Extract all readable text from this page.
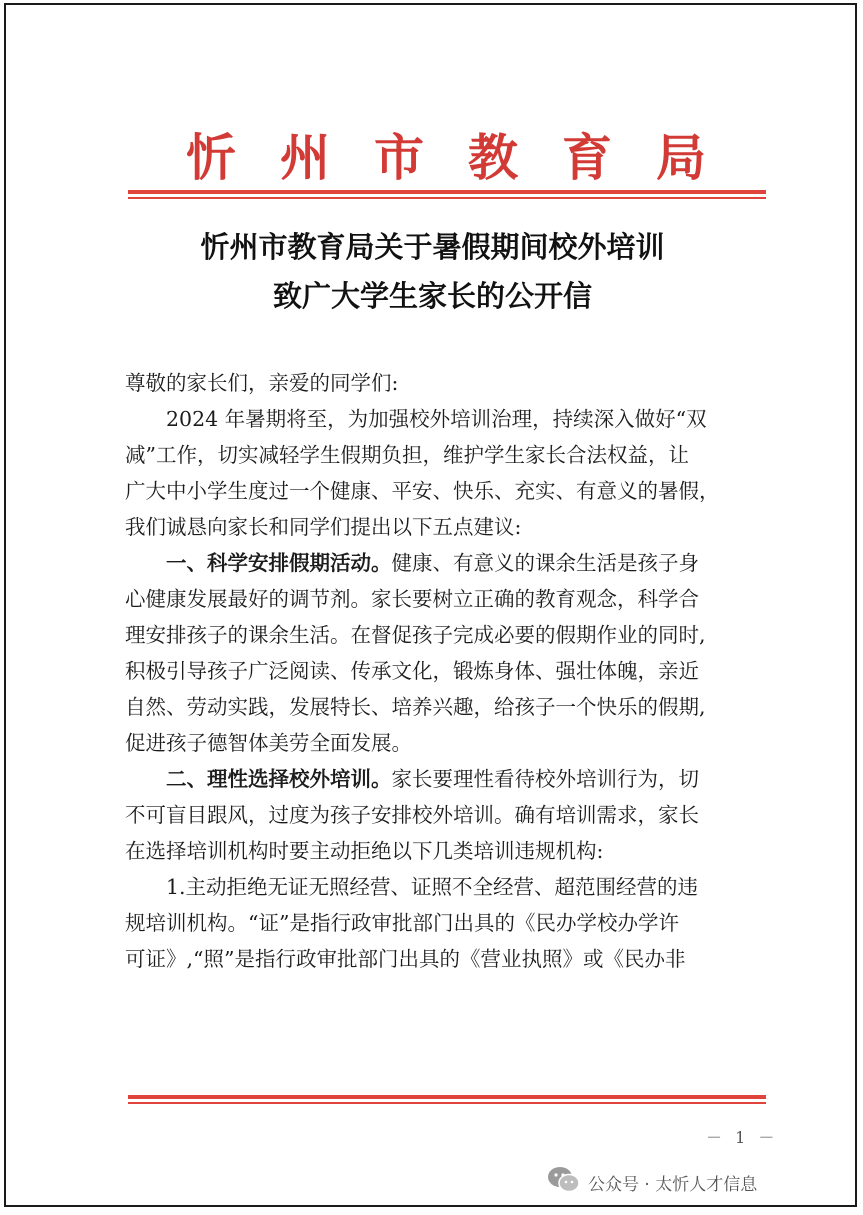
忻 州 市 教 育 局
忻州市教育局关于暑假期间校外培训
致广大学生家长的公开信
尊敬的家长们，亲爱的同学们:
2024 年暑期将至，为加强校外培训治理，持续深入做好“双
减”工作，切实减轻学生假期负担，维护学生家长合法权益，让
广大中小学生度过一个健康、平安、快乐、充实、有意义的暑假，
我们诚恳向家长和同学们提出以下五点建议:
一、科学安排假期活动。健康、有意义的课余生活是孩子身
心健康发展最好的调节剂。家长要树立正确的教育观念，科学合
理安排孩子的课余生活。在督促孩子完成必要的假期作业的同时,
积极引导孩子广泛阅读、传承文化，锻炼身体、强壮体魄，亲近
自然、劳动实践，发展特长、培养兴趣，给孩子一个快乐的假期,
促进孩子德智体美劳全面发展。
二、理性选择校外培训。家长要理性看待校外培训行为，切
不可盲目跟风，过度为孩子安排校外培训。确有培训需求，家长
在选择培训机构时要主动拒绝以下几类培训违规机构:
1.主动拒绝无证无照经营、证照不全经营、超范围经营的违
规培训机构。“证”是指行政审批部门出具的《民办学校办学许
可证》,“照”是指行政审批部门出具的《营业执照》或《民办非
－ 1 －
公众号 · 太忻人才信息
